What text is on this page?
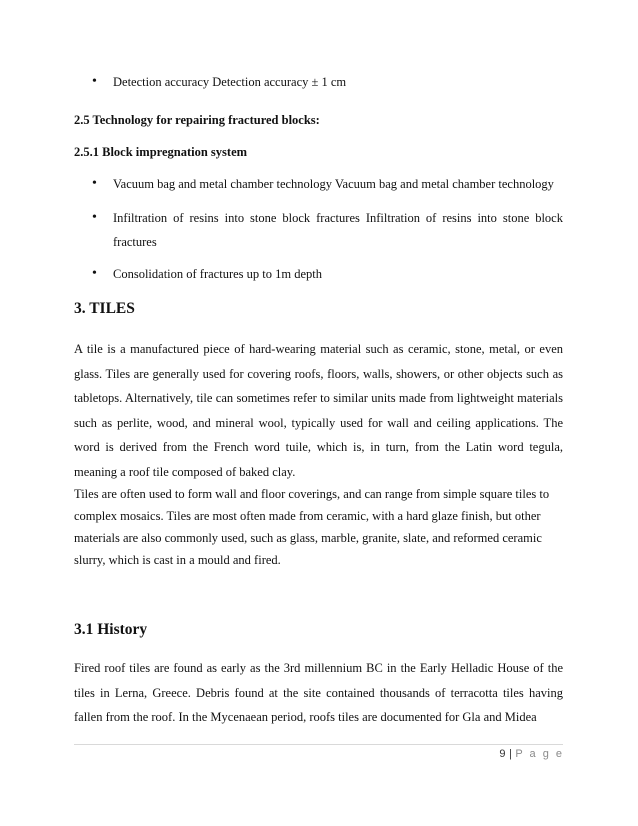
• Detection accuracy Detection accuracy ± 1 cm
2.5 Technology for repairing fractured blocks:
2.5.1 Block impregnation system
• Vacuum bag and metal chamber technology Vacuum bag and metal chamber technology
• Infiltration of resins into stone block fractures Infiltration of resins into stone block fractures
• Consolidation of fractures up to 1m depth
3. TILES
A tile is a manufactured piece of hard-wearing material such as ceramic, stone, metal, or even glass. Tiles are generally used for covering roofs, floors, walls, showers, or other objects such as tabletops. Alternatively, tile can sometimes refer to similar units made from lightweight materials such as perlite, wood, and mineral wool, typically used for wall and ceiling applications. The word is derived from the French word tuile, which is, in turn, from the Latin word tegula, meaning a roof tile composed of baked clay.
Tiles are often used to form wall and floor coverings, and can range from simple square tiles to complex mosaics. Tiles are most often made from ceramic, with a hard glaze finish, but other materials are also commonly used, such as glass, marble, granite, slate, and reformed ceramic slurry, which is cast in a mould and fired.
3.1 History
Fired roof tiles are found as early as the 3rd millennium BC in the Early Helladic House of the tiles in Lerna, Greece. Debris found at the site contained thousands of terracotta tiles having fallen from the roof. In the Mycenaean period, roofs tiles are documented for Gla and Midea
9 | P a g e
